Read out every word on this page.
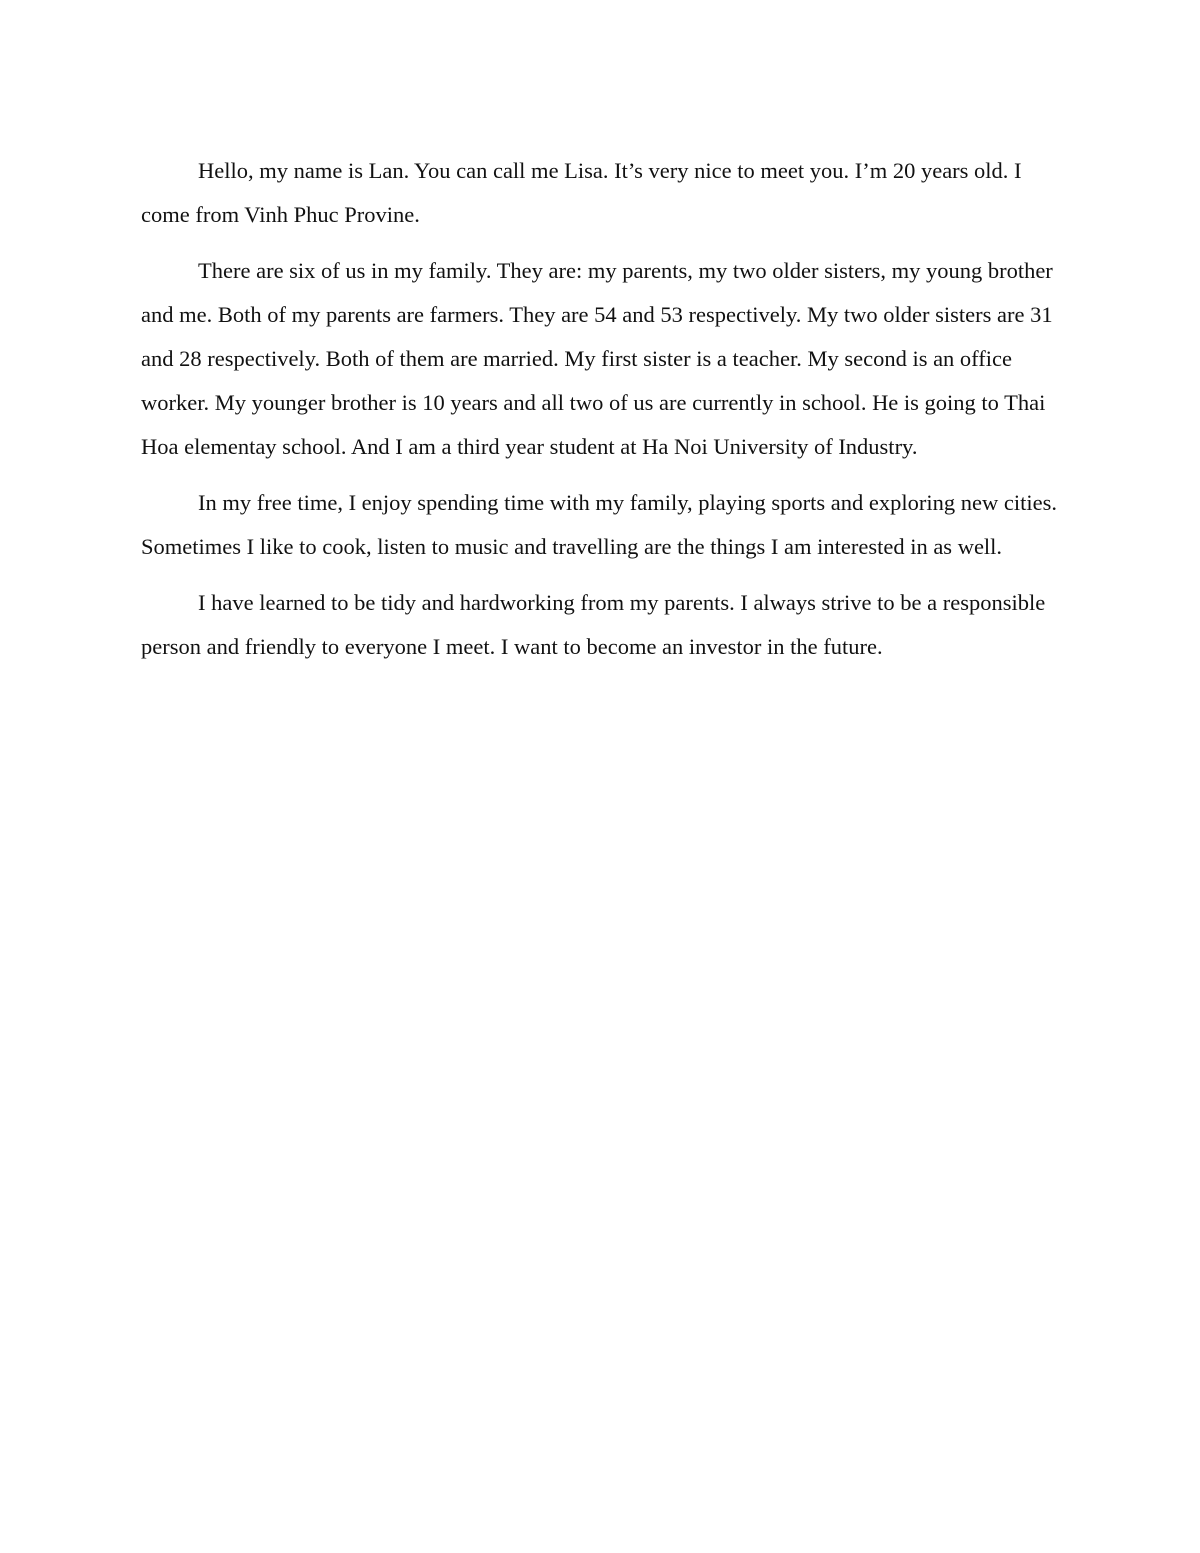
Hello, my name is Lan. You can call me Lisa. It’s very nice to meet you. I’m 20 years old. I come from Vinh Phuc Provine.

There are six of us in my family. They are: my parents, my two older sisters, my young brother and me. Both of my parents are farmers. They are 54 and 53 respectively. My two older sisters are 31 and 28 respectively. Both of them are married. My first sister is a teacher. My second is an office worker. My younger brother is 10 years and all two of us are currently in school. He is going to Thai Hoa elementay school. And I am a third year student at Ha Noi University of Industry.

In my free time, I enjoy spending time with my family, playing sports and exploring new cities. Sometimes I like to cook, listen to music and travelling are the things I am interested in as well.

I have learned to be tidy and hardworking from my parents. I always strive to be a responsible person and friendly to everyone I meet. I want to become an investor in the future.
